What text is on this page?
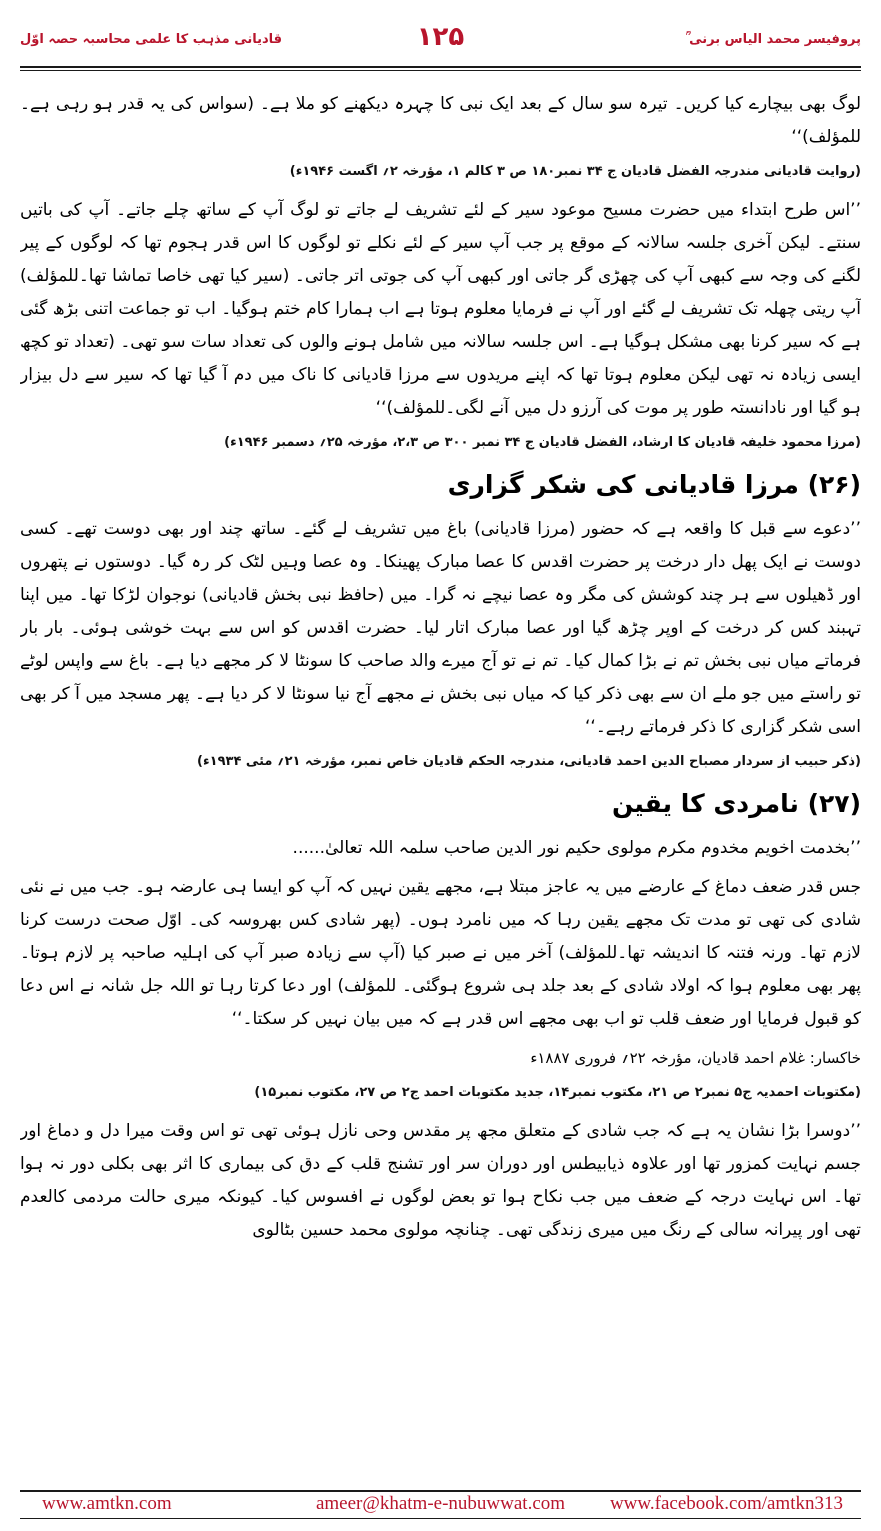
قادیانی مذہب کا علمی محاسبہ حصہ اوّل	۱۲۵	پروفیسر محمد الیاس برنی ؒ

لوگ بھی بیچارے کیا کریں۔ تیرہ سو سال کے بعد ایک نبی کا چہرہ دیکھنے کو ملا ہے۔ (سواس کی یہ قدر ہو رہی ہے۔للمؤلف)‘‘

(روایت قادیانی مندرجہ الفضل قادیان ج ۳۴ نمبر۱۸۰ ص ۳ کالم ۱، مؤرخہ ۲؍ اگست ۱۹۴۶ء)

’’اس طرح ابتداء میں حضرت مسیح موعود سیر کے لئے تشریف لے جاتے تو لوگ آپ کے ساتھ چلے جاتے۔ آپ کی باتیں سنتے۔ لیکن آخری جلسہ سالانہ کے موقع پر جب آپ سیر کے لئے نکلے تو لوگوں کا اس قدر ہجوم تھا کہ لوگوں کے پیر لگنے کی وجہ سے کبھی آپ کی چھڑی گر جاتی اور کبھی آپ کی جوتی اتر جاتی۔ (سیر کیا تھی خاصا تماشا تھا۔للمؤلف) آپ ریتی چھلہ تک تشریف لے گئے اور آپ نے فرمایا معلوم ہوتا ہے اب ہمارا کام ختم ہوگیا۔ اب تو جماعت اتنی بڑھ گئی ہے کہ سیر کرنا بھی مشکل ہوگیا ہے۔ اس جلسہ سالانہ میں شامل ہونے والوں کی تعداد سات سو تھی۔ (تعداد تو کچھ ایسی زیادہ نہ تھی لیکن معلوم ہوتا تھا کہ اپنے مریدوں سے مرزا قادیانی کا ناک میں دم آ گیا تھا کہ سیر سے دل بیزار ہو گیا اور نادانستہ طور پر موت کی آرزو دل میں آنے لگی۔للمؤلف)‘‘

(مرزا محمود خلیفہ قادیان کا ارشاد، الفضل قادیان ج ۳۴ نمبر ۳۰۰ ص ۲،۳، مؤرخہ ۲۵؍ دسمبر ۱۹۴۶ء)

(۲۶) مرزا قادیانی کی شکر گزاری

’’دعوے سے قبل کا واقعہ ہے کہ حضور (مرزا قادیانی) باغ میں تشریف لے گئے۔ ساتھ چند اور بھی دوست تھے۔ کسی دوست نے ایک پھل دار درخت پر حضرت اقدس کا عصا مبارک پھینکا۔ وہ عصا وہیں لٹک کر رہ گیا۔ دوستوں نے پتھروں اور ڈھیلوں سے ہر چند کوشش کی مگر وہ عصا نیچے نہ گرا۔ میں (حافظ نبی بخش قادیانی) نوجوان لڑکا تھا۔ میں اپنا تہبند کس کر درخت کے اوپر چڑھ گیا اور عصا مبارک اتار لیا۔ حضرت اقدس کو اس سے بہت خوشی ہوئی۔ بار بار فرماتے میاں نبی بخش تم نے بڑا کمال کیا۔ تم نے تو آج میرے والد صاحب کا سونٹا لا کر مجھے دیا ہے۔ باغ سے واپس لوٹے تو راستے میں جو ملے ان سے بھی ذکر کیا کہ میاں نبی بخش نے مجھے آج نیا سونٹا لا کر دیا ہے۔ پھر مسجد میں آ کر بھی اسی شکر گزاری کا ذکر فرماتے رہے۔‘‘

(ذکر حبیب از سردار مصباح الدین احمد قادیانی، مندرجہ الحکم قادیان خاص نمبر، مؤرخہ ۲۱؍ مئی ۱۹۳۴ء)

(۲۷) نامردی کا یقین

’’بخدمت اخویم مخدوم مکرم مولوی حکیم نور الدین صاحب سلمہ اللہ تعالیٰ......

جس قدر ضعف دماغ کے عارضے میں یہ عاجز مبتلا ہے، مجھے یقین نہیں کہ آپ کو ایسا ہی عارضہ ہو۔ جب میں نے نئی شادی کی تھی تو مدت تک مجھے یقین رہا کہ میں نامرد ہوں۔ (پھر شادی کس بھروسہ کی۔ اوّل صحت درست کرنا لازم تھا۔ ورنہ فتنہ کا اندیشہ تھا۔للمؤلف) آخر میں نے صبر کیا (آپ سے زیادہ صبر آپ کی اہلیہ صاحبہ پر لازم ہوتا۔ پھر بھی معلوم ہوا کہ اولاد شادی کے بعد جلد ہی شروع ہوگئی۔ للمؤلف) اور دعا کرتا رہا تو اللہ جل شانہ نے اس دعا کو قبول فرمایا اور ضعف قلب تو اب بھی مجھے اس قدر ہے کہ میں بیان نہیں کر سکتا۔‘‘

خاکسار: غلام احمد قادیان، مؤرخہ ۲۲؍ فروری ۱۸۸۷ء

(مکتوبات احمدیہ ج۵ نمبر۲ ص ۲۱، مکتوب نمبر۱۴، جدید مکتوبات احمد ج۲ ص ۲۷، مکتوب نمبر۱۵)

’’دوسرا بڑا نشان یہ ہے کہ جب شادی کے متعلق مجھ پر مقدس وحی نازل ہوئی تھی تو اس وقت میرا دل و دماغ اور جسم نہایت کمزور تھا اور علاوہ ذیابیطس اور دوران سر اور تشنج قلب کے دق کی بیماری کا اثر بھی بکلی دور نہ ہوا تھا۔ اس نہایت درجہ کے ضعف میں جب نکاح ہوا تو بعض لوگوں نے افسوس کیا۔ کیونکہ میری حالت مردمی کالعدم تھی اور پیرانہ سالی کے رنگ میں میری زندگی تھی۔ چنانچہ مولوی محمد حسین بٹالوی

www.amtkn.com	ameer@khatm-e-nubuwwat.com	www.facebook.com/amtkn313
